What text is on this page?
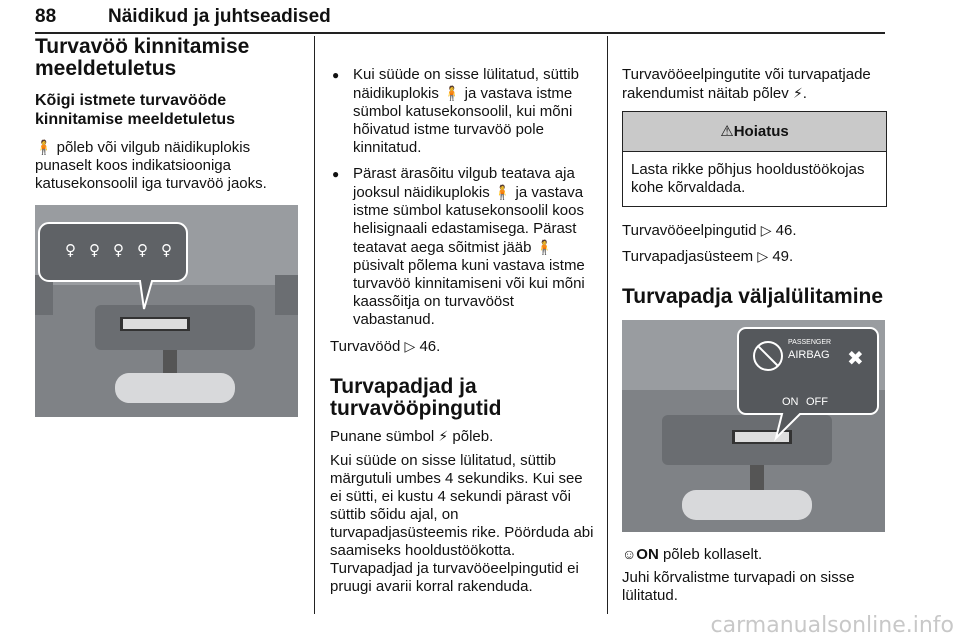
88	Näidikud ja juhtseadised
Turvavöö kinnitamise meeldetuletus
Kõigi istmete turvavööde kinnitamise meeldetuletus

🧍 põleb või vilgub näidikuplokis punaselt koos indikatsiooniga katusekonsoolil iga turvavöö jaoks.

♀ ♀ ♀ ♀ ♀
● Kui süüde on sisse lülitatud, süttib näidikuplokis 🧍 ja vastava istme sümbol katusekonsoolil, kui mõni hõivatud istme turvavöö pole kinnitatud.
● Pärast ärasõitu vilgub teatava aja jooksul näidikuplokis 🧍 ja vastava istme sümbol katusekonsoolil koos helisignaali edastamisega. Pärast teatavat aega sõitmist jääb 🧍 püsivalt põlema kuni vastava istme turvavöö kinnitamiseni või kui mõni kaassõitja on turvavööst vabastanud.

Turvavööd ▷ 46.

Turvapadjad ja turvavööpingutid

Punane sümbol ⚡ põleb.

Kui süüde on sisse lülitatud, süttib märgutuli umbes 4 sekundiks. Kui see ei sütti, ei kustu 4 sekundi pärast või süttib sõidu ajal, on turvapadjasüsteemis rike. Pöörduda abi saamiseks hooldustöökotta. Turvapadjad ja turvavööeelpingutid ei pruugi avarii korral rakenduda.

Turvavööeelpingutite või turvapatjade rakendumist näitab põlev ⚡.

⚠Hoiatus
Lasta rikke põhjus hooldustöökojas kohe kõrvaldada.

Turvavööeelpingutid ▷ 46.

Turvapadjasüsteem ▷ 49.

Turvapadja väljalülitamine
PASSENGER
AIRBAG
ON OFF
✖

☺ON põleb kollaselt.

Juhi kõrvalistme turvapadi on sisse lülitatud.

carmanualsonline.info
